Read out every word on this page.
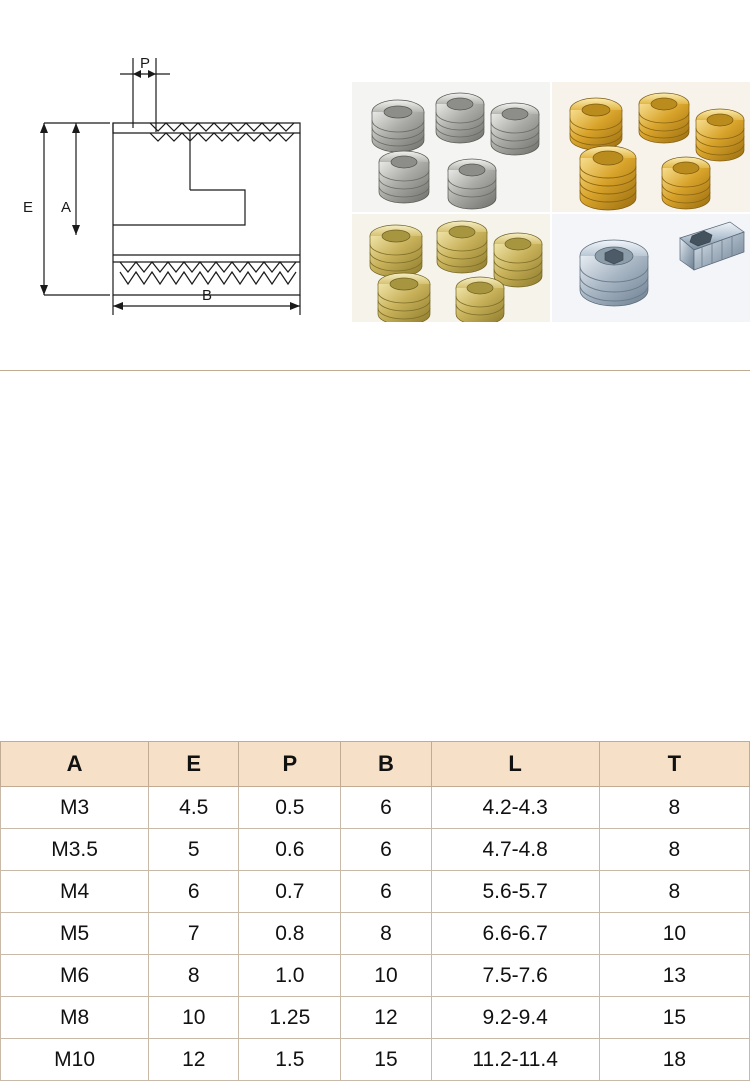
P
E A
B
A	E	P	B	L	T
M3	4.5	0.5	6	4.2-4.3	8
M3.5	5	0.6	6	4.7-4.8	8
M4	6	0.7	6	5.6-5.7	8
M5	7	0.8	8	6.6-6.7	10
M6	8	1.0	10	7.5-7.6	13
M8	10	1.25	12	9.2-9.4	15
M10	12	1.5	15	11.2-11.4	18
